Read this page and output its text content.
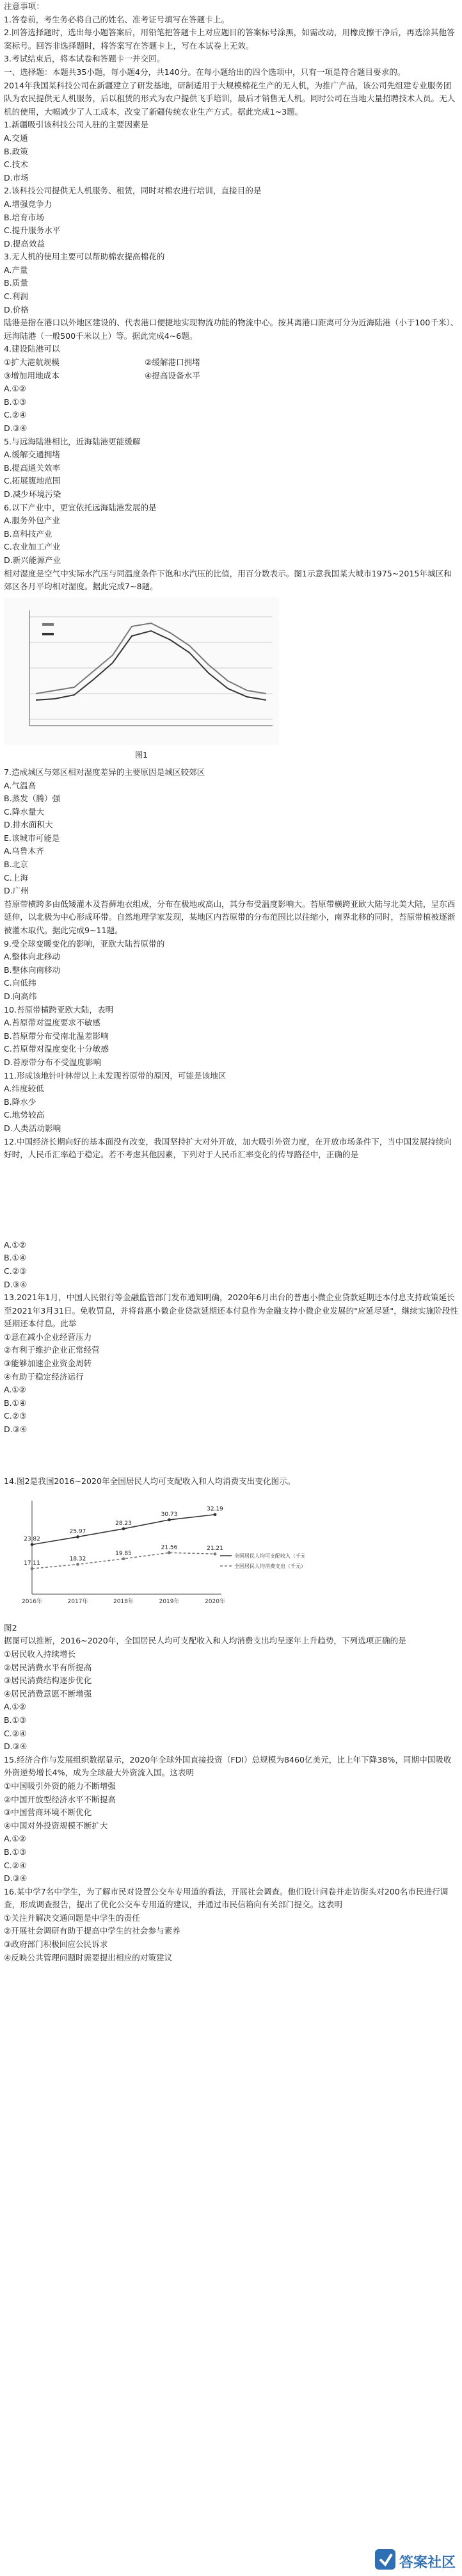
注意事项：
1.答卷前，考生务必将自己的姓名、准考证号填写在答题卡上。
2.回答选择题时，选出每小题答案后，用铅笔把答题卡上对应题目的答案标号涂黑，如需改动，用橡皮擦干净后，再选涂其他答案标号。回答非选择题时，将答案写在答题卡上，写在本试卷上无效。
3.考试结束后，将本试卷和答题卡一并交回。
一、选择题：本题共35小题，每小题4分，共140分。在每小题给出的四个选项中，只有一项是符合题目要求的。
2014年我国某科技公司在新疆建立了研发基地，研制适用于大规模棉花生产的无人机，为推广产品，该公司先组建专业服务团队为农民提供无人机服务，后以租赁的形式为农户提供飞手培训，最后才销售无人机。同时公司在当地大量招聘技术人员。无人机的使用，大幅减少了人工成本，改变了新疆传统农业生产方式。据此完成1~3题。
1.新疆吸引该科技公司人驻的主要因素是
A.交通
B.政策
C.技术
D.市场
2.该科技公司提供无人机服务、租赁，同时对棉农进行培训，直接目的是
A.增强竞争力
B.培育市场
C.提升服务水平
D.提高效益
3.无人机的使用主要可以帮助棉农提高棉花的
A.产量
B.质量
C.利润
D.价格
陆港是指在港口以外地区建设的、代表港口便捷地实现物流功能的物流中心。按其离港口距离可分为近海陆港（小于100千米）、远海陆港（一般500千米以上）等。据此完成4~6题。
4.建设陆港可以
①扩大港航规模	②缓解港口拥堵
③增加用地成本	④提高设备水平
A.①②
B.①③
C.②④
D.③④
5.与远海陆港相比，近海陆港更能缓解
A.缓解交通拥堵
B.提高通关效率
C.拓展腹地范围
D.减少环境污染
6.以下产业中，更宜依托远海陆港发展的是
A.服务外包产业
B.高科技产业
C.农业加工产业
D.新兴能源产业
相对湿度是空气中实际水汽压与同温度条件下饱和水汽压的比值，用百分数表示。图1示意我国某大城市1975~2015年城区和郊区各月平均相对湿度。据此完成7~8题。
图1
7.造成城区与郊区相对湿度差异的主要原因是城区较郊区
A.气温高
B.蒸发（腾）强
C.降水量大
D.排水面积大
E.该城市可能是
A.乌鲁木齐
B.北京
C.上海
D.广州
苔原带横跨多由低矮灌木及苔藓地衣组成，分布在极地或高山，其分布受温度影响大。苔原带横跨亚欧大陆与北美大陆，呈东西延伸，以北极为中心形成环带。自然地理学家发现，某地区内苔原带的分布范围比以往缩小，南界北移的同时，苔原带植被逐渐被灌木取代。据此完成9~11题。
9.受全球变暖变化的影响，亚欧大陆苔原带的
A.整体向北移动
B.整体向南移动
C.向低纬
D.向高纬
10.苔原带横跨亚欧大陆，表明
A.苔原带对温度要求不敏感
B.苔原带分布受南北温差影响
C.苔原带对温度变化十分敏感
D.苔原带分布不受温度影响
11.形成该地针叶林带以上未发现苔原带的原因，可能是该地区
A.纬度较低
B.降水少
C.地势较高
D.人类活动影响
12.中国经济长期向好的基本面没有改变，我国坚持扩大对外开放，加大吸引外资力度，在开放市场条件下，当中国发展持续向好时，人民币汇率趋于稳定。若不考虑其他因素，下列对于人民币汇率变化的传导路径中，正确的是
A.①②
B.①④
C.②③
D.③④
13.2021年1月，中国人民银行等金融监管部门发布通知明确，2020年6月出台的普惠小微企业贷款延期还本付息支持政策延长至2021年3月31日。免收罚息，并将普惠小微企业贷款延期还本付息作为金融支持小微企业发展的"应延尽延"，继续实施阶段性延期还本付息。此举
①意在减小企业经营压力
②有利于维护企业正常经营
③能够加速企业资金周转
④有助于稳定经济运行
A.①②
B.①④
C.②③
D.③④
14.图2是我国2016~2020年全国居民人均可支配收入和人均消费支出变化图示。
2016年	2017年	2018年	2019年	2020年
23.82
25.97
28.23
30.73
32.19
全国居民人均可支配收入（千元）
17.11
18.32
19.85
21.56	21.21
全国居民人均消费支出（千元）
图2
据图可以推断，2016~2020年，全国居民人均可支配收入和人均消费支出均呈逐年上升趋势，下列选项正确的是
①居民收入持续增长
②居民消费水平有所提高
③居民消费结构逐步优化
④居民消费意愿不断增强
A.①②
B.①③
C.②④
D.③④
15.经济合作与发展组织数据显示，2020年全球外国直接投资（FDI）总规模为8460亿美元，比上年下降38%，同期中国吸收外资逆势增长4%，成为全球最大外资流入国。这表明
①中国吸引外资的能力不断增强
②中国开放型经济水平不断提高
③中国营商环境不断优化
④中国对外投资规模不断扩大
A.①②
B.①③
C.②④
D.③④
16.某中学7名中学生，为了解市民对设置公交车专用道的看法，开展社会调查。他们设计问卷并走访街头对200名市民进行调查，形成调查报告，提出了优化公交车专用道的建议，并通过市民信箱向有关部门提交。这表明
①关注并解决交通问题是中学生的责任
②开展社会调研有助于提高中学生的社会参与素养
③政府部门积极回应公民诉求
④反映公共管理问题时需要提出相应的对策建议
答案社区
